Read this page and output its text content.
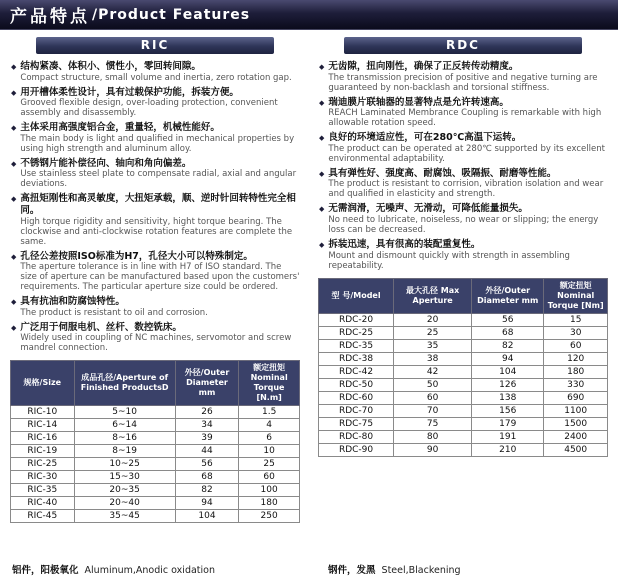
产品特点 /Product Features
RIC
◆ 结构紧凑、体积小、惯性小，零回转间隙。
Compact structure, small volume and inertia, zero rotation gap.
◆ 用开槽体柔性设计，具有过载保护功能，拆装方便。
Grooved flexible design, over-loading protection, convenient assembly and disassembly.
◆ 主体采用高强度铝合金，重量轻，机械性能好。
The main body is light and qualified in mechanical properties by using high strength and aluminum alloy.
◆ 不锈钢片能补偿径向、轴向和角向偏差。
Use stainless steel plate to compensate radial, axial and angular deviations.
◆ 高扭矩刚性和高灵敏度，大扭矩承载，顺、逆时针回转特性完全相同。
High torque rigidity and sensitivity, hight torque bearing. The clockwise and anti-clockwise rotation features are complete the same.
◆ 孔径公差按照ISO标准为H7，孔径大小可以特殊制定。
The aperture tolerance is in line with H7 of ISO standard. The size of aperture can be manufactured based upon the customers' requirements. The particular aperture size could be ordered.
◆ 具有抗油和防腐蚀特性。
The product is resistant to oil and corrosion.
◆ 广泛用于伺服电机、丝杆、数控铣床。
Widely used in coupling of NC machines, servomotor and screw mandrel connection.
规格/Size	成品孔径/Aperture of Finished ProductsD	外径/Outer Diameter mm	额定扭矩 Nominal Torque [N.m]
RIC-10	5~10	26	1.5
RIC-14	6~14	34	4
RIC-16	8~16	39	6
RIC-19	8~19	44	10
RIC-25	10~25	56	25
RIC-30	15~30	68	60
RIC-35	20~35	82	100
RIC-40	20~40	94	180
RIC-45	35~45	104	250
RDC
◆ 无齿隙，扭向刚性，确保了正反转传动精度。
The transmission precision of positive and negative turning are guaranteed by non-backlash and torsional stiffness.
◆ 瑞迪膜片联轴器的显著特点是允许转速高。
REACH Laminated Membrance Coupling is remarkable with high allowable rotation speed.
◆ 良好的环境适应性，可在280℃高温下运转。
The product can be operated at 280℃ supported by its excellent environmental adaptability.
◆ 具有弹性好、强度高、耐腐蚀、吸隔振、耐磨等性能。
The product is resistant to corrision, vibration isolation and wear and qualified in elasticity and strength.
◆ 无需润滑，无噪声、无滑动，可降低能量损失。
No need to lubricate, noiseless, no wear or slipping; the energy loss can be decreased.
◆ 拆装迅速，具有很高的装配重复性。
Mount and dismount quickly with strength in assembling repeatability.
型 号/Model	最大孔径 Max Aperture	外径/Outer Diameter mm	额定扭矩 Nominal Torque [Nm]
RDC-20	20	56	15
RDC-25	25	68	30
RDC-35	35	82	60
RDC-38	38	94	120
RDC-42	42	104	180
RDC-50	50	126	330
RDC-60	60	138	690
RDC-70	70	156	1100
RDC-75	75	179	1500
RDC-80	80	191	2400
RDC-90	90	210	4500
铝件，阳极氧化 Aluminum,Anodic oxidation	钢件，发黑 Steel,Blackening
